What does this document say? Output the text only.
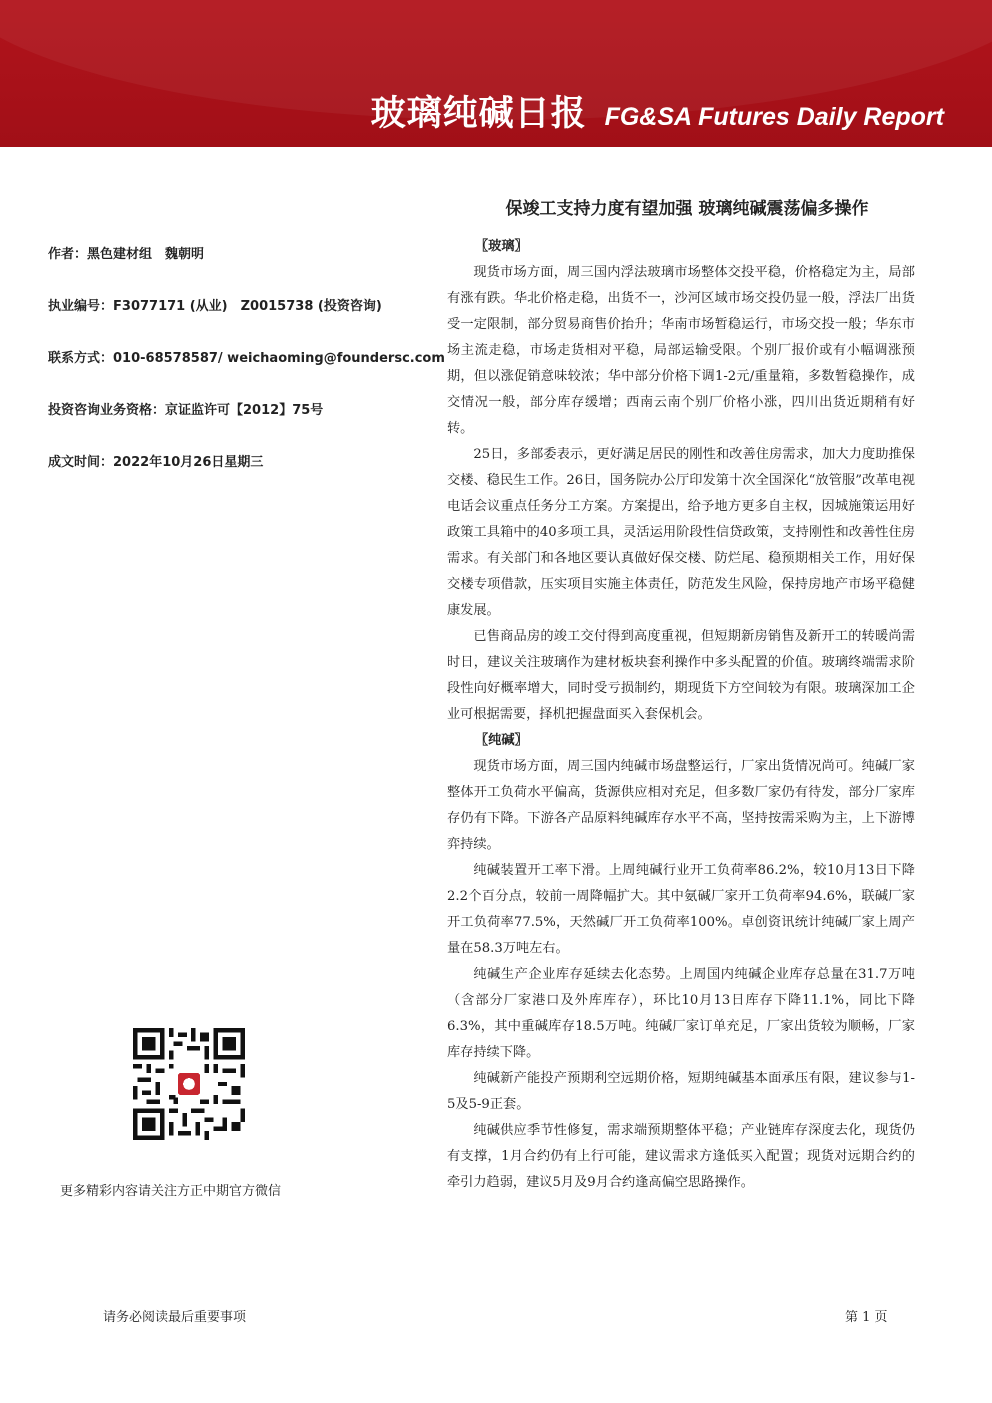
玻璃纯碱日报 FG&SA Futures Daily Report
保竣工支持力度有望加强 玻璃纯碱震荡偏多操作
作者：黑色建材组　魏朝明
执业编号：F3077171 (从业)　Z0015738 (投资咨询)
联系方式：010-68578587/ weichaoming@foundersc.com
投资咨询业务资格：京证监许可【2012】75号
成文时间：2022年10月26日星期三
更多精彩内容请关注方正中期官方微信
〖玻璃〗

现货市场方面，周三国内浮法玻璃市场整体交投平稳，价格稳定为主，局部有涨有跌。华北价格走稳，出货不一，沙河区域市场交投仍显一般，浮法厂出货受一定限制，部分贸易商售价抬升；华南市场暂稳运行，市场交投一般；华东市场主流走稳，市场走货相对平稳，局部运输受限。个别厂报价或有小幅调涨预期，但以涨促销意味较浓；华中部分价格下调1-2元/重量箱，多数暂稳操作，成交情况一般，部分库存缓增；西南云南个别厂价格小涨，四川出货近期稍有好转。

25日，多部委表示，更好满足居民的刚性和改善住房需求，加大力度助推保交楼、稳民生工作。26日，国务院办公厅印发第十次全国深化“放管服”改革电视电话会议重点任务分工方案。方案提出，给予地方更多自主权，因城施策运用好政策工具箱中的40多项工具，灵活运用阶段性信贷政策，支持刚性和改善性住房需求。有关部门和各地区要认真做好保交楼、防烂尾、稳预期相关工作，用好保交楼专项借款，压实项目实施主体责任，防范发生风险，保持房地产市场平稳健康发展。

已售商品房的竣工交付得到高度重视，但短期新房销售及新开工的转暖尚需时日，建议关注玻璃作为建材板块套利操作中多头配置的价值。玻璃终端需求阶段性向好概率增大，同时受亏损制约，期现货下方空间较为有限。玻璃深加工企业可根据需要，择机把握盘面买入套保机会。

〖纯碱〗

现货市场方面，周三国内纯碱市场盘整运行，厂家出货情况尚可。纯碱厂家整体开工负荷水平偏高，货源供应相对充足，但多数厂家仍有待发，部分厂家库存仍有下降。下游各产品原料纯碱库存水平不高，坚持按需采购为主，上下游博弈持续。

纯碱装置开工率下滑。上周纯碱行业开工负荷率86.2%，较10月13日下降2.2个百分点，较前一周降幅扩大。其中氨碱厂家开工负荷率94.6%，联碱厂家开工负荷率77.5%，天然碱厂开工负荷率100%。卓创资讯统计纯碱厂家上周产量在58.3万吨左右。

纯碱生产企业库存延续去化态势。上周国内纯碱企业库存总量在31.7万吨（含部分厂家港口及外库库存），环比10月13日库存下降11.1%，同比下降6.3%，其中重碱库存18.5万吨。纯碱厂家订单充足，厂家出货较为顺畅，厂家库存持续下降。

纯碱新产能投产预期利空远期价格，短期纯碱基本面承压有限，建议参与1-5及5-9正套。

纯碱供应季节性修复，需求端预期整体平稳；产业链库存深度去化，现货仍有支撑，1月合约仍有上行可能，建议需求方逢低买入配置；现货对远期合约的牵引力趋弱，建议5月及9月合约逢高偏空思路操作。

请务必阅读最后重要事项	第 1 页
